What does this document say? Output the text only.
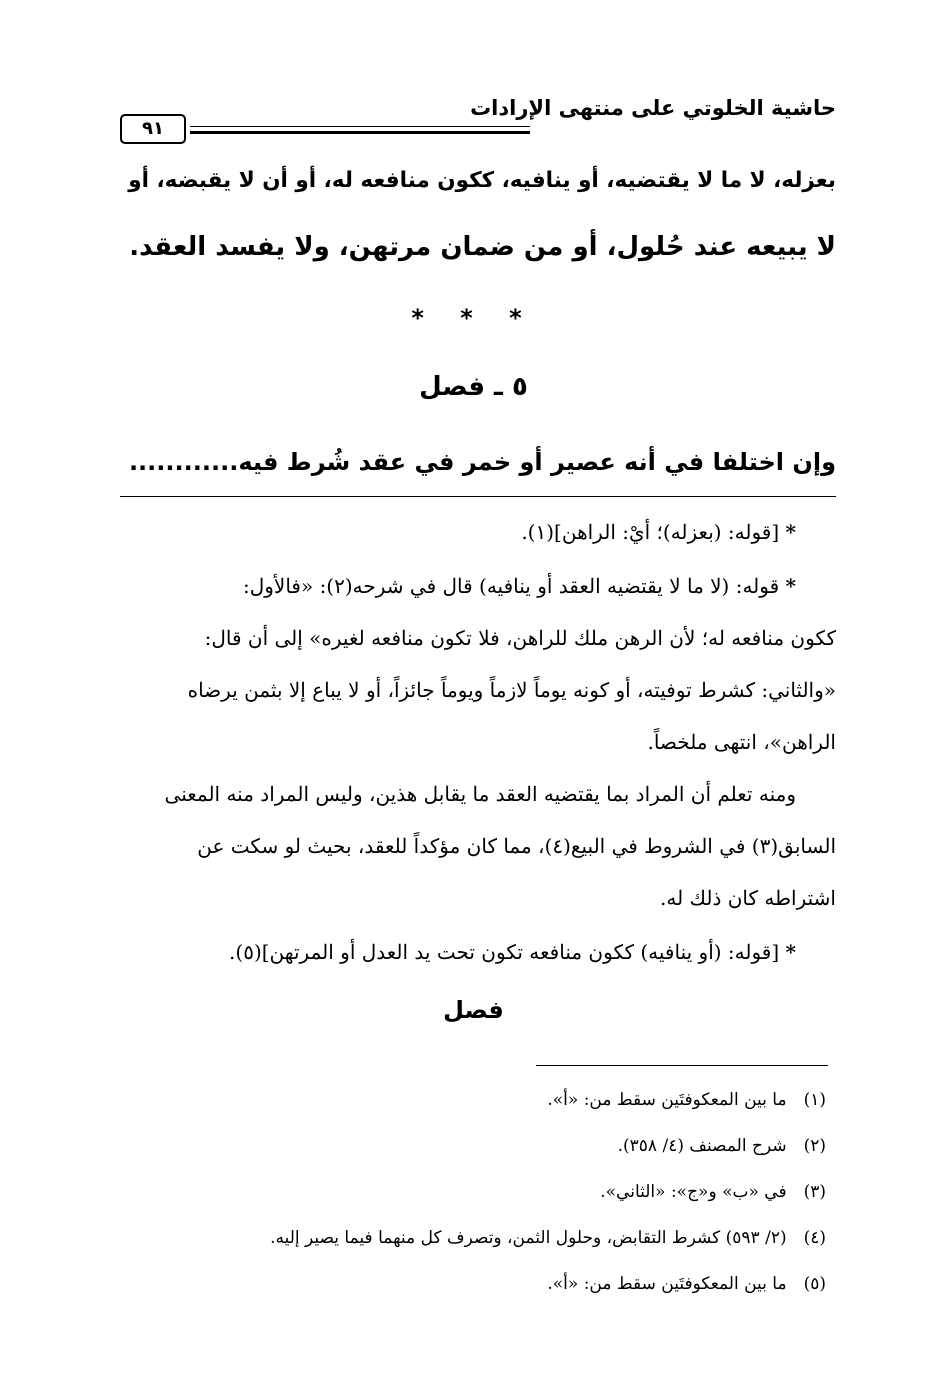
حاشية الخلوتي على منتهى الإرادات
٩١
بعزله، لا ما لا يقتضيه، أو ينافيه، ككون منافعه له، أو أن لا يقبضه، أو
لا يبيعه عند حُلول، أو من ضمان مرتهن، ولا يفسد العقد.
* * *
٥ ـ فصل
وإن اختلفا في أنه عصير أو خمر في عقد شُرط فيه............
* [قوله: (بعزله)؛ أيْ: الراهن](١).
* قوله: (لا ما لا يقتضيه العقد أو ينافيه) قال في شرحه(٢): «فالأول:
ككون منافعه له؛ لأن الرهن ملك للراهن، فلا تكون منافعه لغيره» إلى أن قال:
«والثاني: كشرط توفيته، أو كونه يوماً لازماً ويوماً جائزاً، أو لا يباع إلا بثمن يرضاه
الراهن»، انتهى ملخصاً.
ومنه تعلم أن المراد بما يقتضيه العقد ما يقابل هذين، وليس المراد منه المعنى
السابق(٣) في الشروط في البيع(٤)، مما كان مؤكداً للعقد، بحيث لو سكت عن
اشتراطه كان ذلك له.
* [قوله: (أو ينافيه) ككون منافعه تكون تحت يد العدل أو المرتهن](٥).
فصل
(١) ما بين المعكوفتَين سقط من: «أ».
(٢) شرح المصنف (٤/ ٣٥٨).
(٣) في «ب» و«ج»: «الثاني».
(٤) (٢/ ٥٩٣) كشرط التقابض، وحلول الثمن، وتصرف كل منهما فيما يصير إليه.
(٥) ما بين المعكوفتَين سقط من: «أ».
